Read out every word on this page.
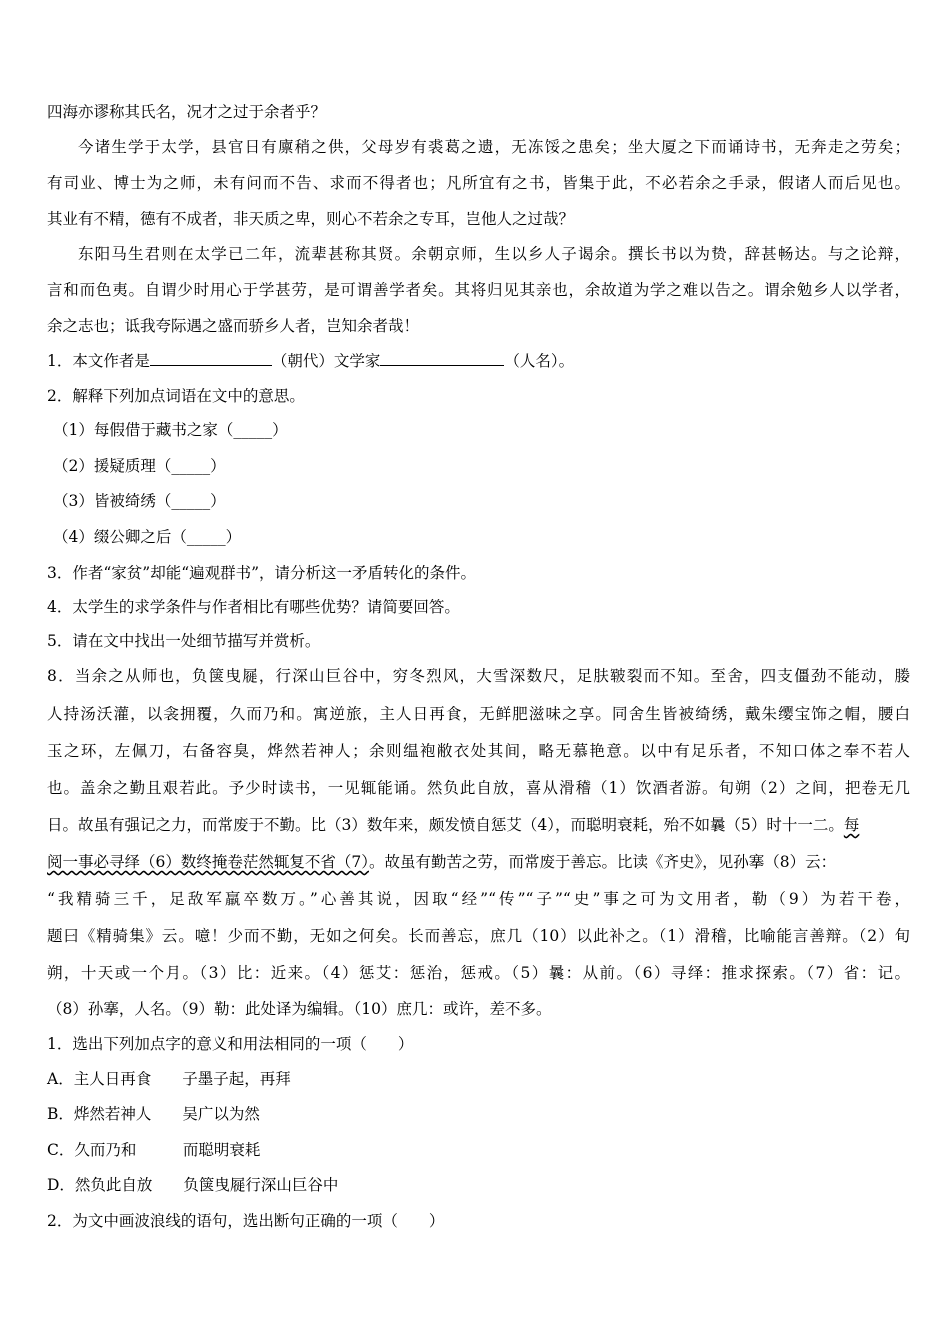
四海亦谬称其氏名，况才之过于余者乎？
今诸生学于太学，县官日有廪稍之供，父母岁有裘葛之遗，无冻馁之患矣；坐大厦之下而诵诗书，无奔走之劳矣；
有司业、博士为之师，未有问而不告、求而不得者也；凡所宜有之书，皆集于此，不必若余之手录，假诸人而后见也。
其业有不精，德有不成者，非天质之卑，则心不若余之专耳，岂他人之过哉？
东阳马生君则在太学已二年，流辈甚称其贤。余朝京师，生以乡人子谒余。撰长书以为贽，辞甚畅达。与之论辩，
言和而色夷。自谓少时用心于学甚劳，是可谓善学者矣。其将归见其亲也，余故道为学之难以告之。谓余勉乡人以学者，
余之志也；诋我夸际遇之盛而骄乡人者，岂知余者哉！
1．本文作者是	（朝代）文学家	（人名）。
2．解释下列加点词语在文中的意思。
（1）每假借于藏书之家（_____）
（2）援疑质理（_____）
（3）皆被绮绣（_____）
（4）缀公卿之后（_____）
3．作者“家贫”却能“遍观群书”，请分析这一矛盾转化的条件。
4．太学生的求学条件与作者相比有哪些优势？请简要回答。
5．请在文中找出一处细节描写并赏析。
8．当余之从师也，负箧曳屣，行深山巨谷中，穷冬烈风，大雪深数尺，足肤皲裂而不知。至舍，四支僵劲不能动，媵
人持汤沃灌，以衾拥覆，久而乃和。寓逆旅，主人日再食，无鲜肥滋味之享。同舍生皆被绮绣，戴朱缨宝饰之帽，腰白
玉之环，左佩刀，右备容臭，烨然若神人；余则缊袍敝衣处其间，略无慕艳意。以中有足乐者，不知口体之奉不若人
也。盖余之勤且艰若此。予少时读书，一见辄能诵。然负此自放，喜从滑稽（1）饮酒者游。旬朔（2）之间，把卷无几
日。故虽有强记之力，而常废于不勤。比（3）数年来，颇发愤自惩艾（4），而聪明衰耗，殆不如曩（5）时十一二。每
阅一事必寻绎（6）数终掩卷茫然辄复不省（7）。故虽有勤苦之劳，而常废于善忘。比读《齐史》，见孙搴（8）云：
“我精骑三千，足敌军羸卒数万。”心善其说，因取“经”“传”“子”“史”事之可为文用者，勒（9）为若干卷，
题曰《精骑集》云。噫！少而不勤，无如之何矣。长而善忘，庶几（10）以此补之。（1）滑稽，比喻能言善辩。（2）旬
朔，十天或一个月。（3）比：近来。（4）惩艾：惩治，惩戒。（5）曩：从前。（6）寻绎：推求探索。（7）省：记。
（8）孙搴，人名。（9）勒：此处译为编辑。（10）庶几：或许，差不多。
1．选出下列加点字的意义和用法相同的一项（　　）
A．主人日再食　　子墨子起，再拜
B．烨然若神人　　吴广以为然
C．久而乃和　　　而聪明衰耗
D．然负此自放　　负箧曳屣行深山巨谷中
2．为文中画波浪线的语句，选出断句正确的一项（　　）
